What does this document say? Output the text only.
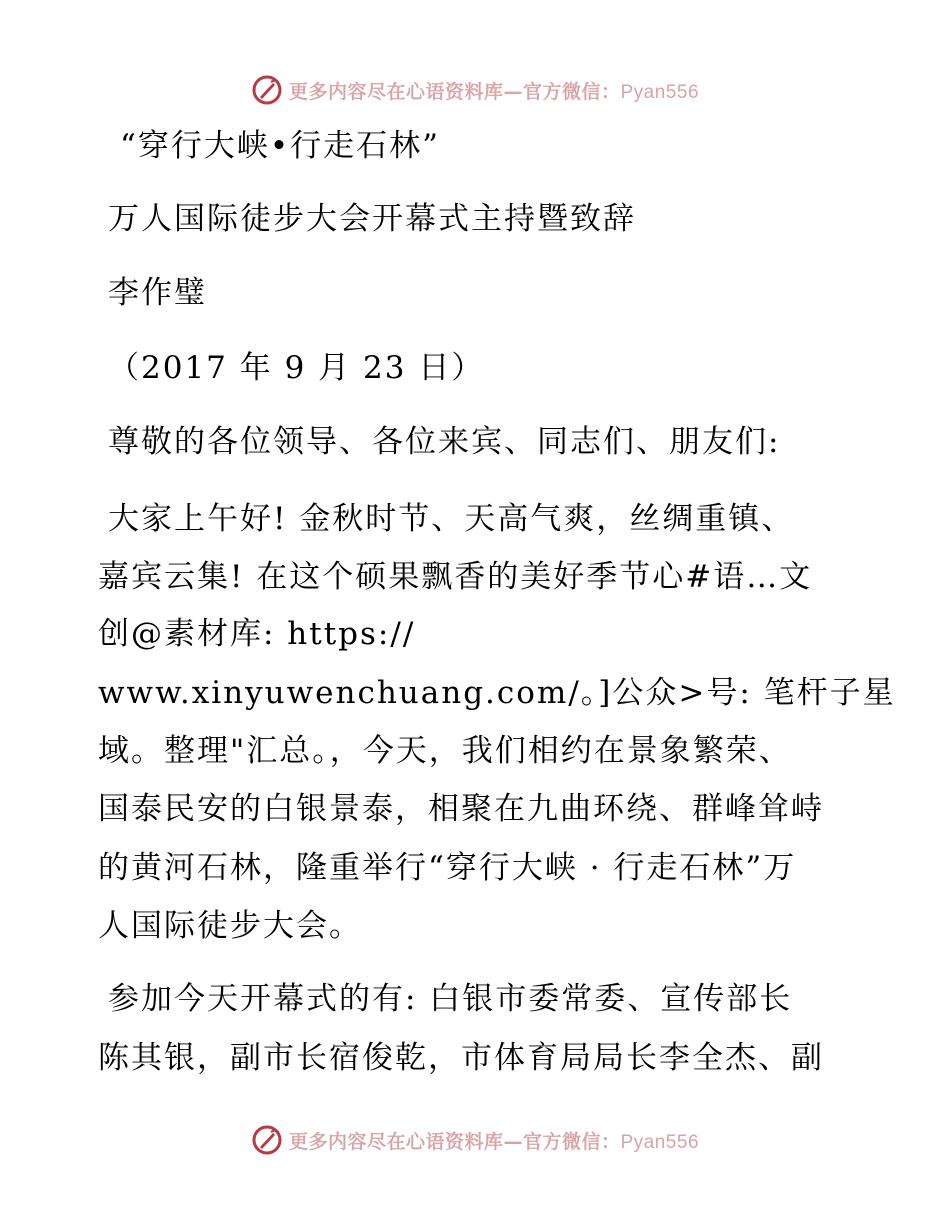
更多内容尽在心语资料库—官方微信：Pyan556
“穿行大峡•行走石林”
万人国际徒步大会开幕式主持暨致辞
李作璧
（2017 年 9 月 23 日）
尊敬的各位领导、各位来宾、同志们、朋友们:
大家上午好! 金秋时节、天高气爽，丝绸重镇、
嘉宾云集! 在这个硕果飘香的美好季节心#语…文
创@素材库: https://
www.xinyuwenchuang.com/。]公众>号: 笔杆子星
域。整理"汇总。，今天，我们相约在景象繁荣、
国泰民安的白银景泰，相聚在九曲环绕、群峰耸峙
的黄河石林，隆重举行“穿行大峡 · 行走石林”万
人国际徒步大会。
参加今天开幕式的有: 白银市委常委、宣传部长
陈其银，副市长宿俊乾，市体育局局长李全杰、副
更多内容尽在心语资料库—官方微信：Pyan556
